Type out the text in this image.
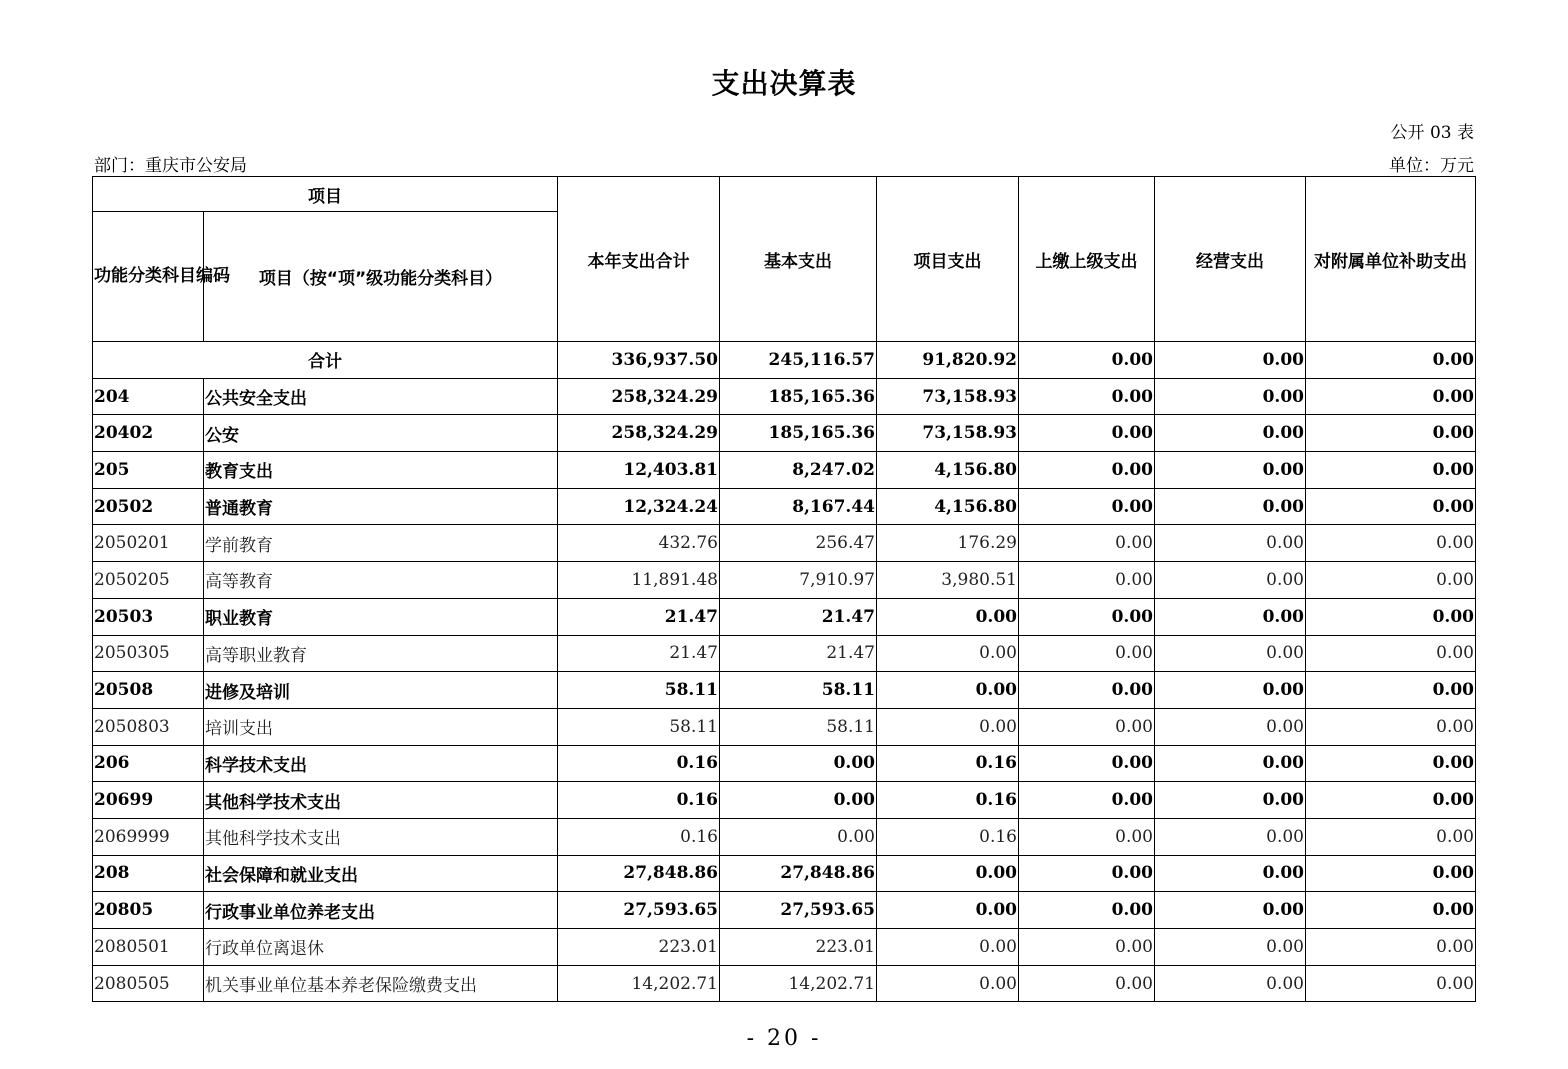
支出决算表
公开 03 表
部门：重庆市公安局	单位：万元
项目		本年支出合计	基本支出	项目支出	上缴上级支出	经营支出	对附属单位补助支出
功能分类科目编码	项目（按“项”级功能分类科目）						
合计		336,937.50	245,116.57	91,820.92	0.00	0.00	0.00
204	公共安全支出	258,324.29	185,165.36	73,158.93	0.00	0.00	0.00
20402	公安	258,324.29	185,165.36	73,158.93	0.00	0.00	0.00
205	教育支出	12,403.81	8,247.02	4,156.80	0.00	0.00	0.00
20502	普通教育	12,324.24	8,167.44	4,156.80	0.00	0.00	0.00
2050201	学前教育	432.76	256.47	176.29	0.00	0.00	0.00
2050205	高等教育	11,891.48	7,910.97	3,980.51	0.00	0.00	0.00
20503	职业教育	21.47	21.47	0.00	0.00	0.00	0.00
2050305	高等职业教育	21.47	21.47	0.00	0.00	0.00	0.00
20508	进修及培训	58.11	58.11	0.00	0.00	0.00	0.00
2050803	培训支出	58.11	58.11	0.00	0.00	0.00	0.00
206	科学技术支出	0.16	0.00	0.16	0.00	0.00	0.00
20699	其他科学技术支出	0.16	0.00	0.16	0.00	0.00	0.00
2069999	其他科学技术支出	0.16	0.00	0.16	0.00	0.00	0.00
208	社会保障和就业支出	27,848.86	27,848.86	0.00	0.00	0.00	0.00
20805	行政事业单位养老支出	27,593.65	27,593.65	0.00	0.00	0.00	0.00
2080501	行政单位离退休	223.01	223.01	0.00	0.00	0.00	0.00
2080505	机关事业单位基本养老保险缴费支出	14,202.71	14,202.71	0.00	0.00	0.00	0.00
- 20 -
